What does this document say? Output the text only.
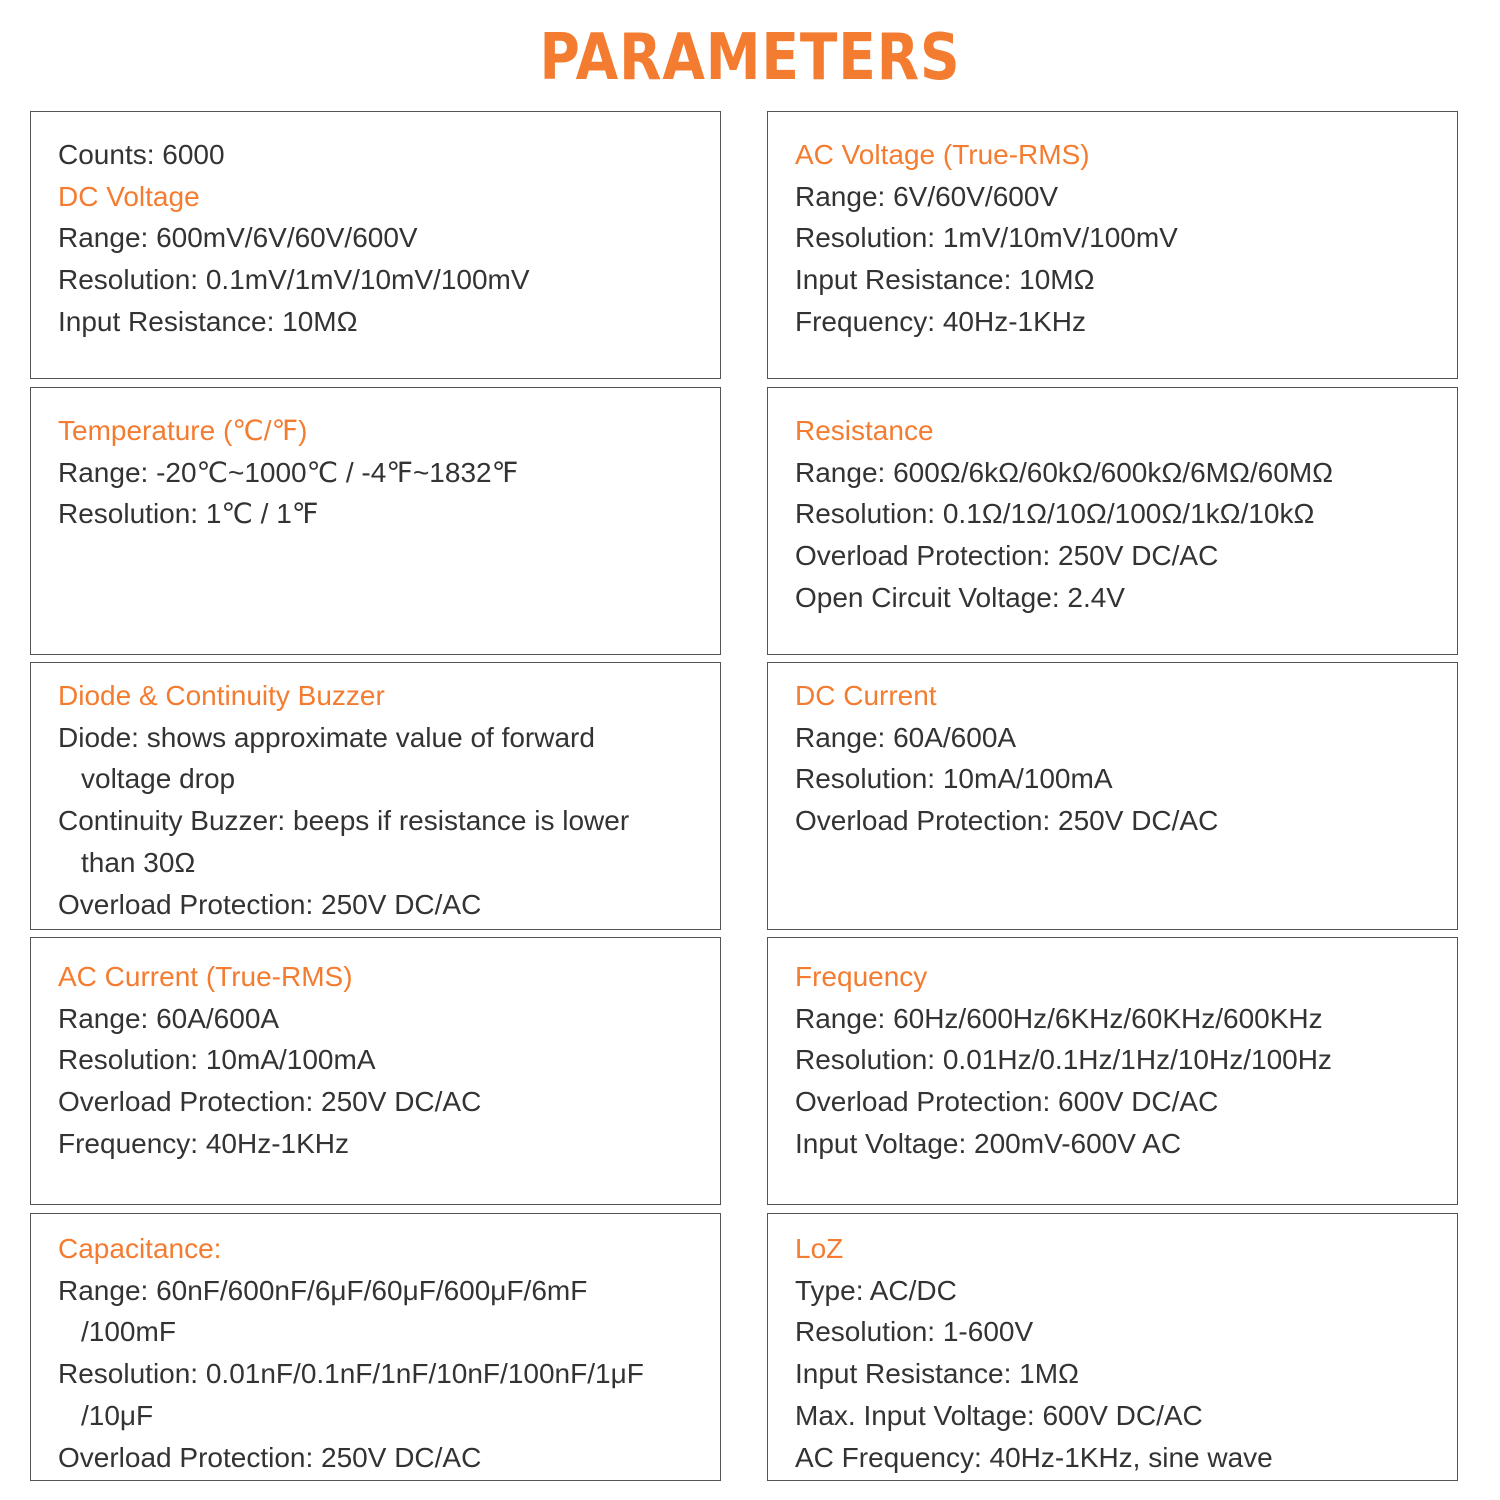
PARAMETERS
Counts: 6000
DC Voltage
Range: 600mV/6V/60V/600V
Resolution: 0.1mV/1mV/10mV/100mV
Input Resistance: 10MΩ
AC Voltage (True-RMS)
Range: 6V/60V/600V
Resolution: 1mV/10mV/100mV
Input Resistance: 10MΩ
Frequency: 40Hz-1KHz
Temperature (℃/℉)
Range: -20℃~1000℃ / -4℉~1832℉
Resolution: 1℃ / 1℉
Resistance
Range: 600Ω/6kΩ/60kΩ/600kΩ/6MΩ/60MΩ
Resolution: 0.1Ω/1Ω/10Ω/100Ω/1kΩ/10kΩ
Overload Protection: 250V DC/AC
Open Circuit Voltage: 2.4V
Diode & Continuity Buzzer
Diode: shows approximate value of forward
voltage drop
Continuity Buzzer: beeps if resistance is lower
than 30Ω
Overload Protection: 250V DC/AC
DC Current
Range: 60A/600A
Resolution: 10mA/100mA
Overload Protection: 250V DC/AC
AC Current (True-RMS)
Range: 60A/600A
Resolution: 10mA/100mA
Overload Protection: 250V DC/AC
Frequency: 40Hz-1KHz
Frequency
Range: 60Hz/600Hz/6KHz/60KHz/600KHz
Resolution: 0.01Hz/0.1Hz/1Hz/10Hz/100Hz
Overload Protection: 600V DC/AC
Input Voltage: 200mV-600V AC
Capacitance:
Range: 60nF/600nF/6μF/60μF/600μF/6mF
/100mF
Resolution: 0.01nF/0.1nF/1nF/10nF/100nF/1μF
/10μF
Overload Protection: 250V DC/AC
LoZ
Type: AC/DC
Resolution: 1-600V
Input Resistance: 1MΩ
Max. Input Voltage: 600V DC/AC
AC Frequency: 40Hz-1KHz, sine wave
